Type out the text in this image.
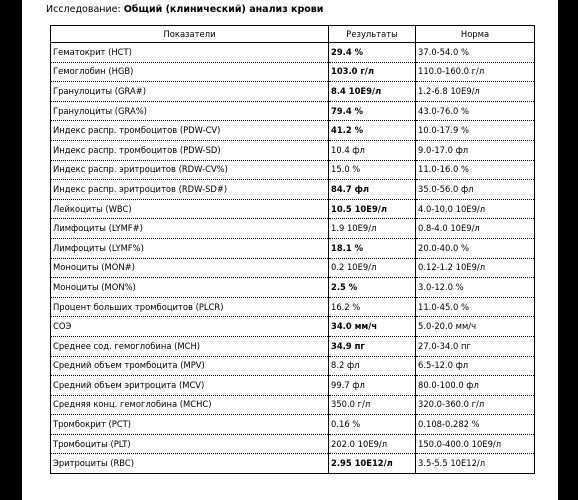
Исследование: Общий (клинический) анализ крови
Показатели	Результаты	Норма
Гематокрит (HCT)	29.4 %	37.0-54.0 %
Гемоглобин (HGB)	103.0 г/л	110.0-160.0 г/л
Гранулоциты (GRA#)	8.4 10E9/л	1.2-6.8 10E9/л
Гранулоциты (GRA%)	79.4 %	43.0-76.0 %
Индекс распр. тромбоцитов (PDW-CV)	41.2 %	10.0-17.9 %
Индекс распр. тромбоцитов (PDW-SD)	10.4 фл	9.0-17.0 фл
Индекс распр. эритроцитов (RDW-CV%)	15.0 %	11.0-16.0 %
Индекс распр. эритроцитов (RDW-SD#)	84.7 фл	35.0-56.0 фл
Лейкоциты (WBC)	10.5 10E9/л	4.0-10.0 10E9/л
Лимфоциты (LYMF#)	1.9 10E9/л	0.8-4.0 10E9/л
Лимфоциты (LYMF%)	18.1 %	20.0-40.0 %
Моноциты (MON#)	0.2 10E9/л	0.12-1.2 10E9/л
Моноциты (MON%)	2.5 %	3.0-12.0 %
Процент больших тромбоцитов (PLCR)	16.2 %	11.0-45.0 %
СОЭ	34.0 мм/ч	5.0-20.0 мм/ч
Среднее сод. гемоглобина (MCH)	34.9 пг	27.0-34.0 пг
Средний объем тромбоцита (MPV)	8.2 фл	6.5-12.0 фл
Средний объем эритроцита (MCV)	99.7 фл	80.0-100.0 фл
Средняя конц. гемоглобина (MCHC)	350.0 г/л	320.0-360.0 г/л
Тромбокрит (PCT)	0.16 %	0.108-0.282 %
Тромбоциты (PLT)	202.0 10E9/л	150.0-400.0 10E9/л
Эритроциты (RBC)	2.95 10E12/л	3.5-5.5 10E12/л
